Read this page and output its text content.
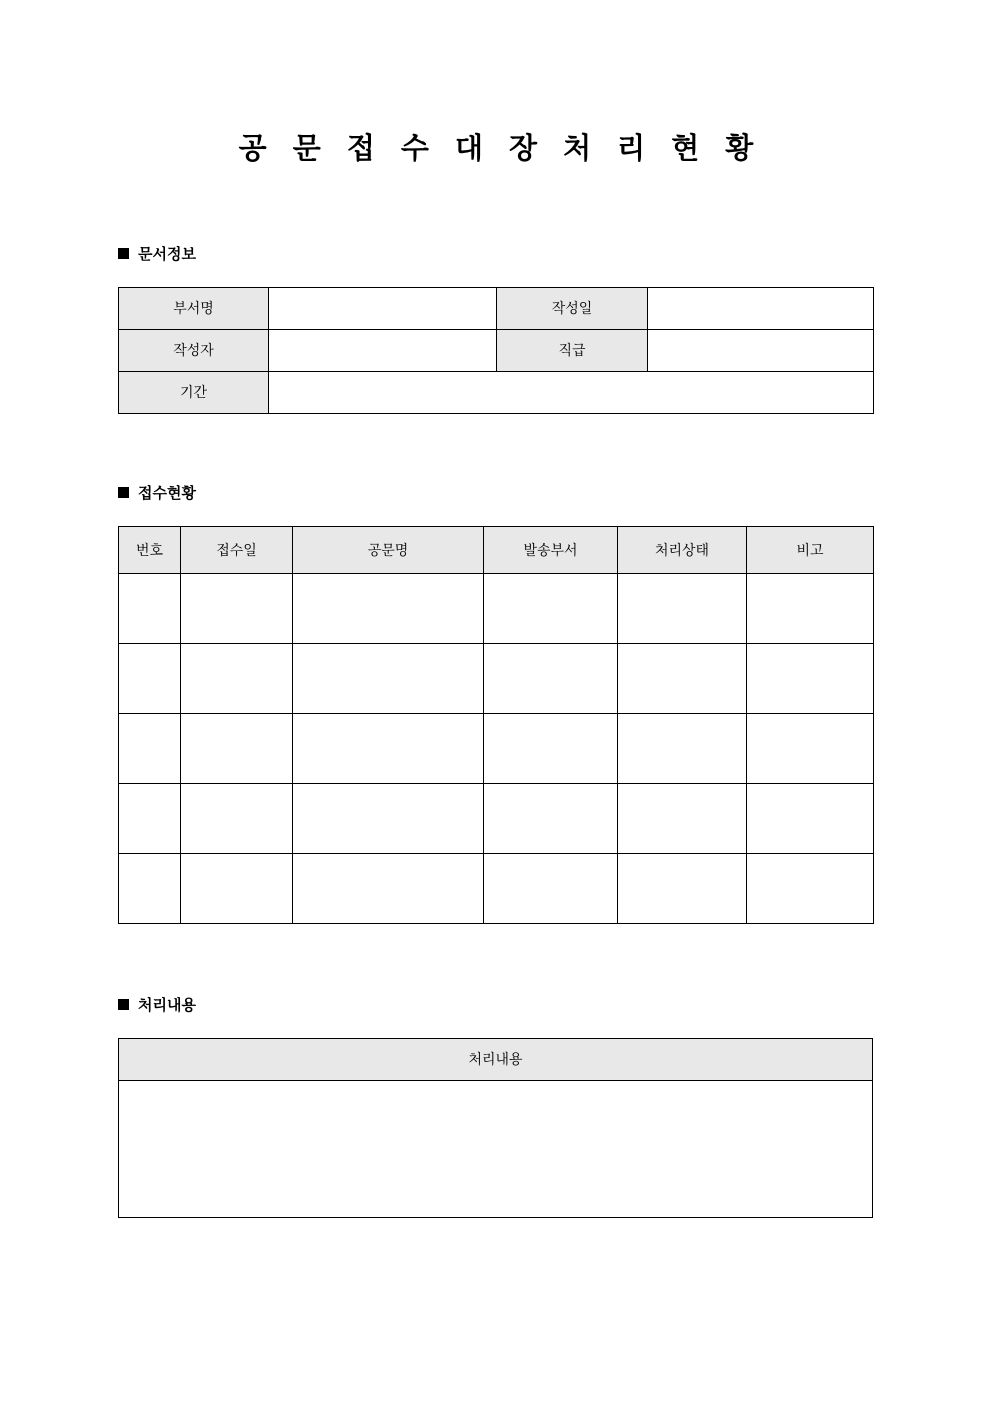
공 문 접 수 대 장 처 리 현 황
문서정보
부서명		작성일	
작성자		직급	
기간			
접수현황
번호	접수일	공문명	발송부서	처리상태	비고

처리내용
처리내용
